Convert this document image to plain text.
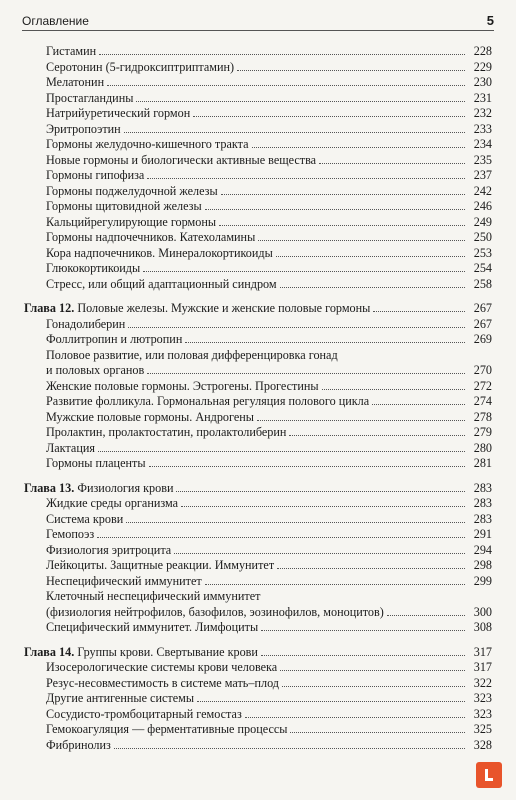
Оглавление	5
Гистамин	228
Серотонин (5-гидроксиптриптамин)	229
Мелатонин	230
Простагландины	231
Натрийуретический гормон	232
Эритропоэтин	233
Гормоны желудочно-кишечного тракта	234
Новые гормоны и биологически активные вещества	235
Гормоны гипофиза	237
Гормоны поджелудочной железы	242
Гормоны щитовидной железы	246
Кальцийрегулирующие гормоны	249
Гормоны надпочечников. Катехоламины	250
Кора надпочечников. Минералокортикоиды	253
Глюкокортикоиды	254
Стресс, или общий адаптационный синдром	258
Глава 12. Половые железы. Мужские и женские половые гормоны	267
Гонадолиберин	267
Фоллитропин и лютропин	269
Половое развитие, или половая дифференцировка гонад
и половых органов	270
Женские половые гормоны. Эстрогены. Прогестины	272
Развитие фолликула. Гормональная регуляция полового цикла	274
Мужские половые гормоны. Андрогены	278
Пролактин, пролактостатин, пролактолиберин	279
Лактация	280
Гормоны плаценты	281
Глава 13. Физиология крови	283
Жидкие среды организма	283
Система крови	283
Гемопоэз	291
Физиология эритроцита	294
Лейкоциты. Защитные реакции. Иммунитет	298
Неспецифический иммунитет	299
Клеточный неспецифический иммунитет
(физиология нейтрофилов, базофилов, эозинофилов, моноцитов)	300
Специфический иммунитет. Лимфоциты	308
Глава 14. Группы крови. Свертывание крови	317
Изосерологические системы крови человека	317
Резус-несовместимость в системе мать–плод	322
Другие антигенные системы	323
Сосудисто-тромбоцитарный гемостаз	323
Гемокоагуляция — ферментативные процессы	325
Фибринолиз	328
